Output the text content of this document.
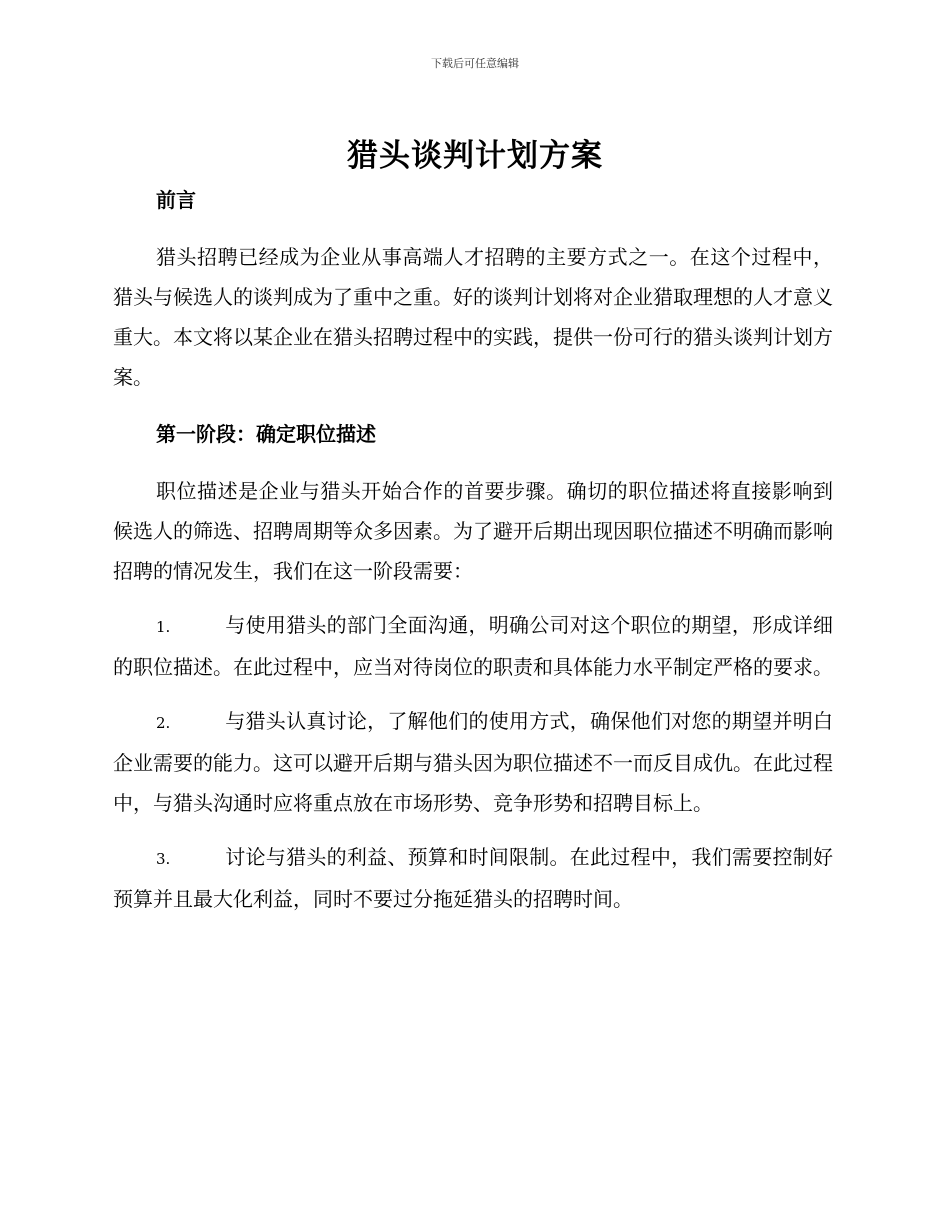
下载后可任意编辑
猎头谈判计划方案
前言

猎头招聘已经成为企业从事高端人才招聘的主要方式之一。在这个过程中，猎头与候选人的谈判成为了重中之重。好的谈判计划将对企业猎取理想的人才意义重大。本文将以某企业在猎头招聘过程中的实践，提供一份可行的猎头谈判计划方案。

第一阶段：确定职位描述

职位描述是企业与猎头开始合作的首要步骤。确切的职位描述将直接影响到候选人的筛选、招聘周期等众多因素。为了避开后期出现因职位描述不明确而影响招聘的情况发生，我们在这一阶段需要：

1.	与使用猎头的部门全面沟通，明确公司对这个职位的期望，形成详细的职位描述。在此过程中，应当对待岗位的职责和具体能力水平制定严格的要求。

2.	与猎头认真讨论，了解他们的使用方式，确保他们对您的期望并明白企业需要的能力。这可以避开后期与猎头因为职位描述不一而反目成仇。在此过程中，与猎头沟通时应将重点放在市场形势、竞争形势和招聘目标上。

3.	讨论与猎头的利益、预算和时间限制。在此过程中，我们需要控制好预算并且最大化利益，同时不要过分拖延猎头的招聘时间。
